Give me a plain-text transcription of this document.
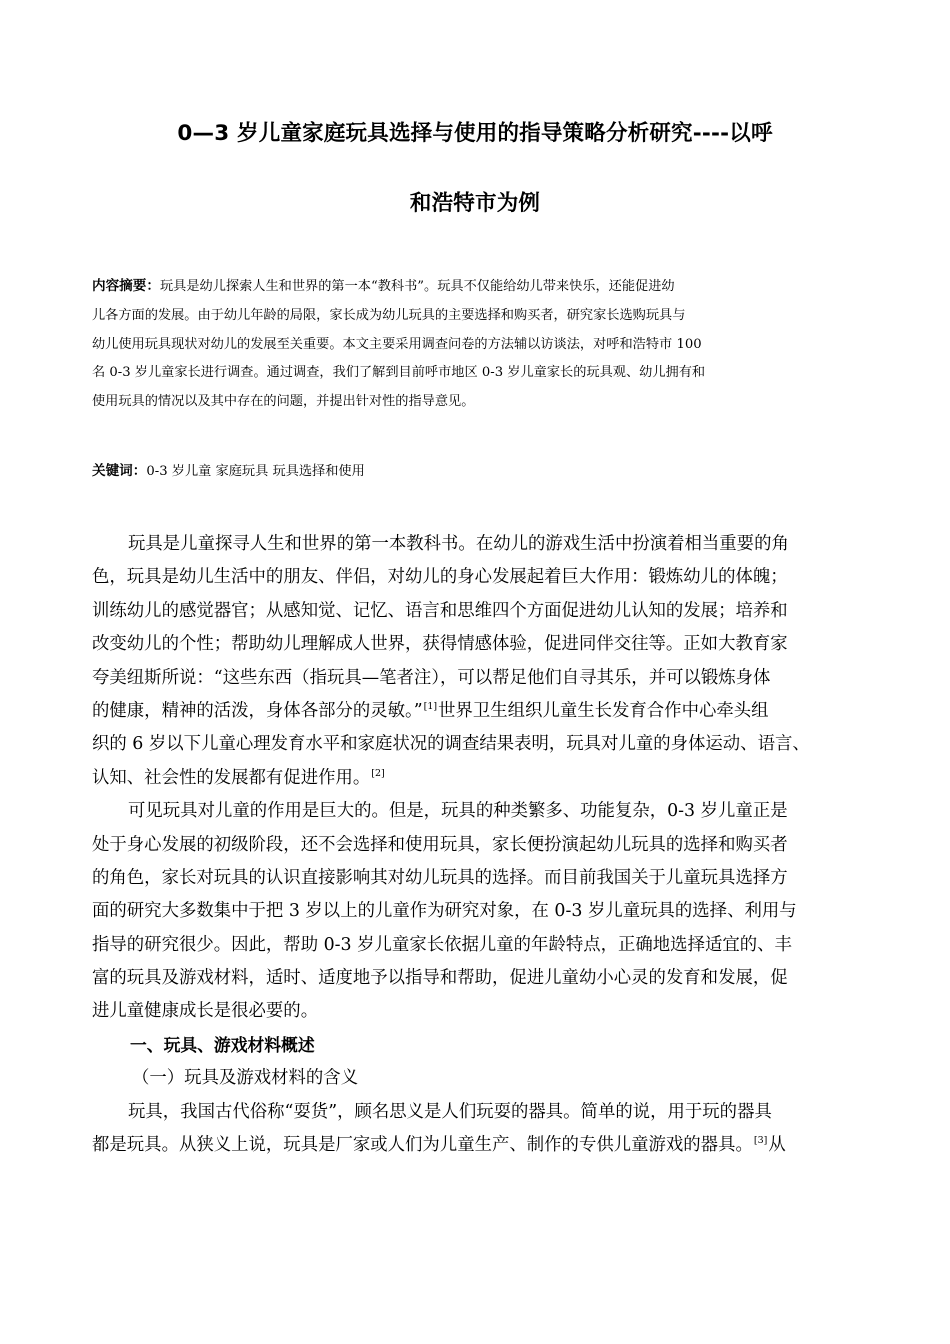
0—3 岁儿童家庭玩具选择与使用的指导策略分析研究----以呼
和浩特市为例
内容摘要：玩具是幼儿探索人生和世界的第一本“教科书”。玩具不仅能给幼儿带来快乐，还能促进幼
儿各方面的发展。由于幼儿年龄的局限，家长成为幼儿玩具的主要选择和购买者，研究家长选购玩具与
幼儿使用玩具现状对幼儿的发展至关重要。本文主要采用调查问卷的方法辅以访谈法，对呼和浩特市 100
名 0-3 岁儿童家长进行调查。通过调查，我们了解到目前呼市地区 0-3 岁儿童家长的玩具观、幼儿拥有和
使用玩具的情况以及其中存在的问题，并提出针对性的指导意见。
关键词：0-3 岁儿童 家庭玩具 玩具选择和使用
玩具是儿童探寻人生和世界的第一本教科书。在幼儿的游戏生活中扮演着相当重要的角
色，玩具是幼儿生活中的朋友、伴侣，对幼儿的身心发展起着巨大作用：锻炼幼儿的体魄；
训练幼儿的感觉器官；从感知觉、记忆、语言和思维四个方面促进幼儿认知的发展；培养和
改变幼儿的个性；帮助幼儿理解成人世界，获得情感体验，促进同伴交往等。正如大教育家
夸美纽斯所说：“这些东西（指玩具—笔者注），可以帮足他们自寻其乐，并可以锻炼身体
的健康，精神的活泼，身体各部分的灵敏。”[1]世界卫生组织儿童生长发育合作中心牵头组
织的 6 岁以下儿童心理发育水平和家庭状况的调查结果表明，玩具对儿童的身体运动、语言、
认知、社会性的发展都有促进作用。[2]
可见玩具对儿童的作用是巨大的。但是，玩具的种类繁多、功能复杂，0-3 岁儿童正是
处于身心发展的初级阶段，还不会选择和使用玩具，家长便扮演起幼儿玩具的选择和购买者
的角色，家长对玩具的认识直接影响其对幼儿玩具的选择。而目前我国关于儿童玩具选择方
面的研究大多数集中于把 3 岁以上的儿童作为研究对象，在 0-3 岁儿童玩具的选择、利用与
指导的研究很少。因此，帮助 0-3 岁儿童家长依据儿童的年龄特点，正确地选择适宜的、丰
富的玩具及游戏材料，适时、适度地予以指导和帮助，促进儿童幼小心灵的发育和发展，促
进儿童健康成长是很必要的。
一、玩具、游戏材料概述
（一）玩具及游戏材料的含义
玩具，我国古代俗称“耍货”，顾名思义是人们玩耍的器具。简单的说，用于玩的器具
都是玩具。从狭义上说，玩具是厂家或人们为儿童生产、制作的专供儿童游戏的器具。[3]从
